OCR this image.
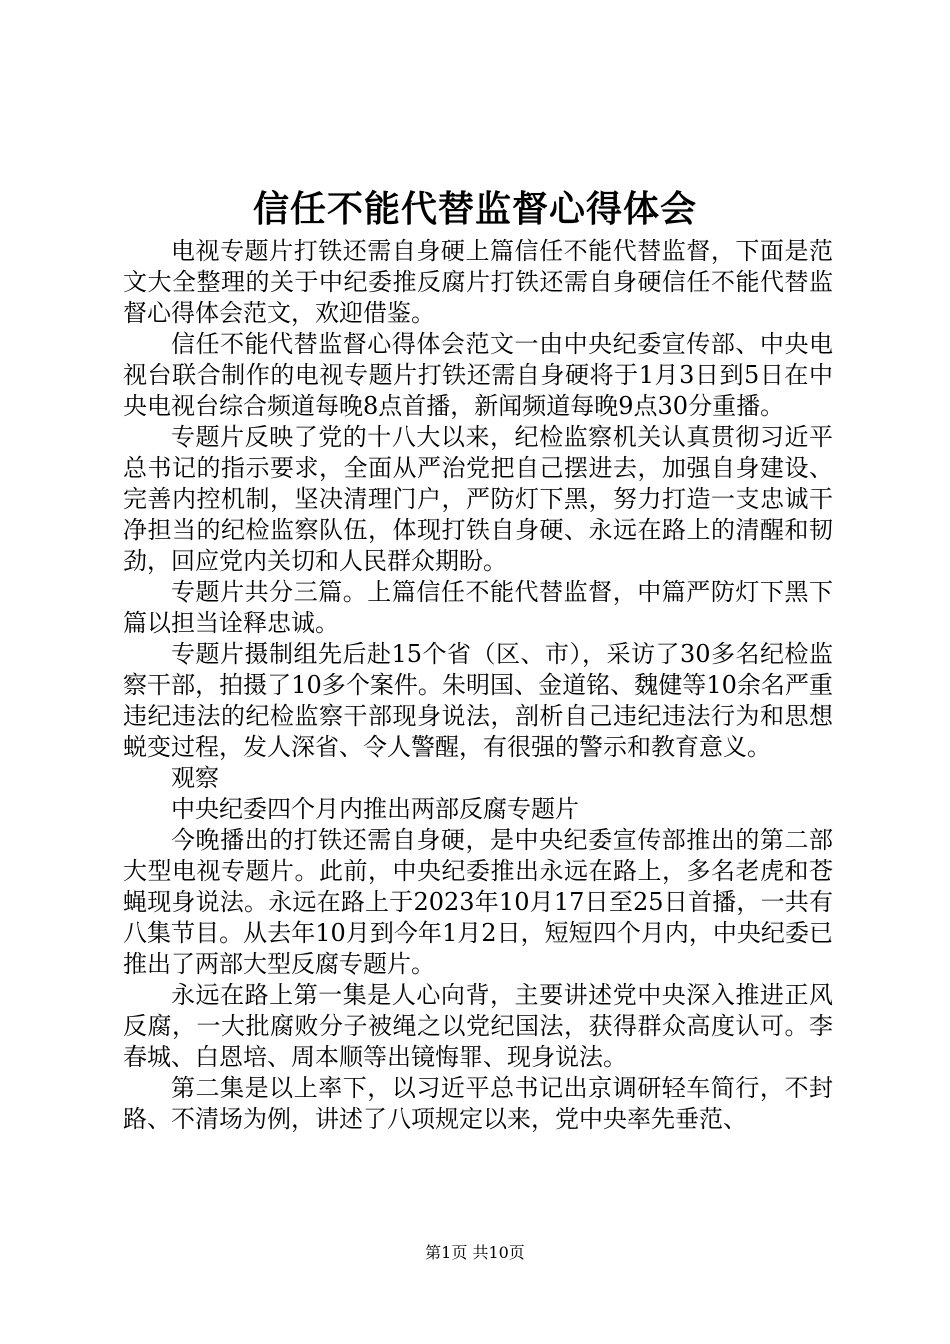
信任不能代替监督心得体会

电视专题片打铁还需自身硬上篇信任不能代替监督，下面是范文大全整理的关于中纪委推反腐片打铁还需自身硬信任不能代替监督心得体会范文，欢迎借鉴。

信任不能代替监督心得体会范文一由中央纪委宣传部、中央电视台联合制作的电视专题片打铁还需自身硬将于1月3日到5日在中央电视台综合频道每晚8点首播，新闻频道每晚9点30分重播。

专题片反映了党的十八大以来，纪检监察机关认真贯彻习近平总书记的指示要求，全面从严治党把自己摆进去，加强自身建设、完善内控机制，坚决清理门户，严防灯下黑，努力打造一支忠诚干净担当的纪检监察队伍，体现打铁自身硬、永远在路上的清醒和韧劲，回应党内关切和人民群众期盼。

专题片共分三篇。上篇信任不能代替监督，中篇严防灯下黑下篇以担当诠释忠诚。

专题片摄制组先后赴15个省（区、市），采访了30多名纪检监察干部，拍摄了10多个案件。朱明国、金道铭、魏健等10余名严重违纪违法的纪检监察干部现身说法，剖析自己违纪违法行为和思想蜕变过程，发人深省、令人警醒，有很强的警示和教育意义。

观察

中央纪委四个月内推出两部反腐专题片

今晚播出的打铁还需自身硬，是中央纪委宣传部推出的第二部大型电视专题片。此前，中央纪委推出永远在路上，多名老虎和苍蝇现身说法。永远在路上于2023年10月17日至25日首播，一共有八集节目。从去年10月到今年1月2日，短短四个月内，中央纪委已推出了两部大型反腐专题片。

永远在路上第一集是人心向背，主要讲述党中央深入推进正风反腐，一大批腐败分子被绳之以党纪国法，获得群众高度认可。李春城、白恩培、周本顺等出镜悔罪、现身说法。

第二集是以上率下，以习近平总书记出京调研轻车简行，不封路、不清场为例，讲述了八项规定以来，党中央率先垂范、

第1页 共10页
